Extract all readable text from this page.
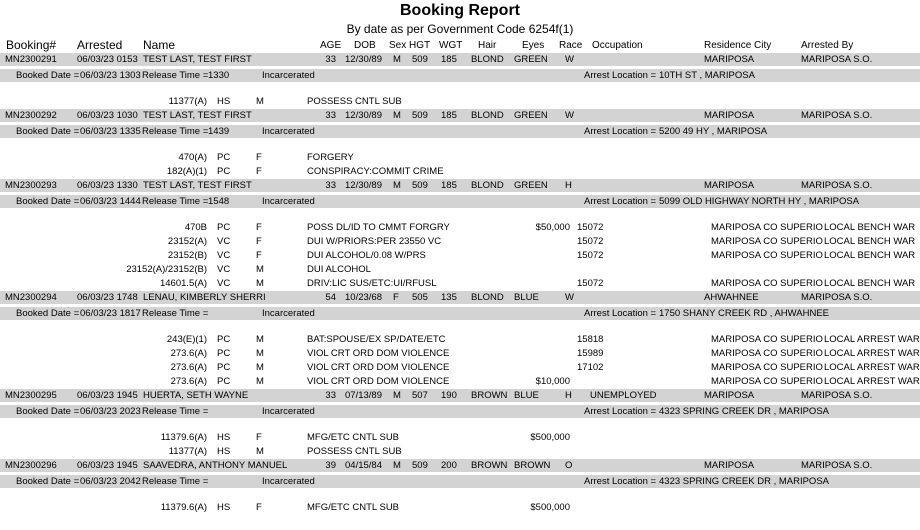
Booking Report
By date as per Government Code 6254f(1)
Booking# Arrested Name	AGE DOB Sex HGT WGT Hair	Eyes Race Occupation	Residence City	Arrested By
MN2300291 06/03/23 0153 TEST LAST, TEST FIRST	33 12/30/89 M 509 185 BLOND GREEN W	MARIPOSA	MARIPOSA S.O.
Booked Date = 06/03/23 1303 Release Time = 1330	Incarcerated	Arrest Location = 10TH ST , MARIPOSA
11377(A) HS	M	POSSESS CNTL SUB
MN2300292 06/03/23 1030 TEST LAST, TEST FIRST	33 12/30/89 M 509 185 BLOND GREEN W	MARIPOSA	MARIPOSA S.O.
Booked Date = 06/03/23 1335 Release Time = 1439	Incarcerated	Arrest Location = 5200 49 HY , MARIPOSA
470(A) PC	F	FORGERY
182(A)(1) PC	F	CONSPIRACY:COMMIT CRIME
MN2300293 06/03/23 1330 TEST LAST, TEST FIRST	33 12/30/89 M 509 185 BLOND GREEN H	MARIPOSA	MARIPOSA S.O.
Booked Date = 06/03/23 1444 Release Time = 1548	Incarcerated	Arrest Location = 5099 OLD HIGHWAY NORTH HY , MARIPOSA
470B PC	F	POSS DL/ID TO CMMT FORGRY	$50,000 15072	MARIPOSA CO SUPERIO LOCAL BENCH WAR
23152(A) VC	F	DUI W/PRIORS:PER 23550 VC	15072	MARIPOSA CO SUPERIO LOCAL BENCH WAR
23152(B) VC	F	DUI ALCOHOL/0.08 W/PRS	15072	MARIPOSA CO SUPERIO LOCAL BENCH WAR
23152(A)/23152(B) VC	M	DUI ALCOHOL
14601.5(A) VC	M	DRIV:LIC SUS/ETC:UI/RFUSL	15072	MARIPOSA CO SUPERIO LOCAL BENCH WAR
MN2300294 06/03/23 1748 LENAU, KIMBERLY SHERRI	54 10/23/68 F 505 135 BLOND BLUE	W	AHWAHNEE	MARIPOSA S.O.
Booked Date = 06/03/23 1817 Release Time =	Incarcerated	Arrest Location = 1750 SHANY CREEK RD , AHWAHNEE
243(E)(1) PC	M	BAT:SPOUSE/EX SP/DATE/ETC	15818	MARIPOSA CO SUPERIO LOCAL ARREST WAR
273.6(A) PC	M	VIOL CRT ORD DOM VIOLENCE	15989	MARIPOSA CO SUPERIO LOCAL ARREST WAR
273.6(A) PC	M	VIOL CRT ORD DOM VIOLENCE	17102	MARIPOSA CO SUPERIO LOCAL ARREST WAR
273.6(A) PC	M	VIOL CRT ORD DOM VIOLENCE	$10,000	MARIPOSA CO SUPERIO LOCAL ARREST WAR
MN2300295 06/03/23 1945 HUERTA, SETH WAYNE	33 07/13/89 M 507 190 BROWN BLUE	H UNEMPLOYED	MARIPOSA	MARIPOSA S.O.
Booked Date = 06/03/23 2023 Release Time =	Incarcerated	Arrest Location = 4323 SPRING CREEK DR , MARIPOSA
11379.6(A) HS	F	MFG/ETC CNTL SUB	$500,000
11377(A) HS	M	POSSESS CNTL SUB
MN2300296 06/03/23 1945 SAAVEDRA, ANTHONY MANUEL	39 04/15/84 M 509 200 BROWN BROWN O	MARIPOSA	MARIPOSA S.O.
Booked Date = 06/03/23 2042 Release Time =	Incarcerated	Arrest Location = 4323 SPRING CREEK DR , MARIPOSA
11379.6(A) HS	F	MFG/ETC CNTL SUB	$500,000
